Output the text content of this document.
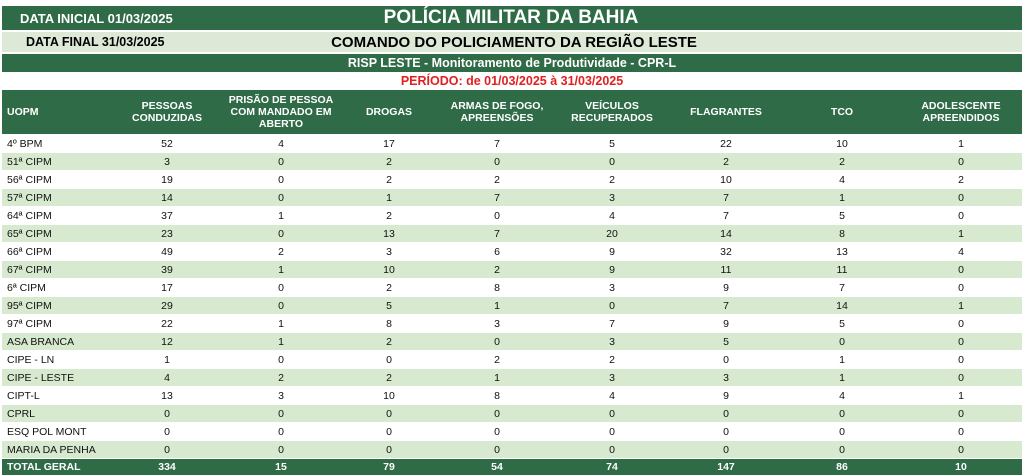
DATA INICIAL 01/03/2025	POLÍCIA MILITAR DA BAHIA
DATA FINAL 31/03/2025	COMANDO DO POLICIAMENTO DA REGIÃO LESTE
RISP LESTE - Monitoramento de Produtividade - CPR-L
PERÍODO: de 01/03/2025 à 31/03/2025
UOPM	PESSOAS CONDUZIDAS	PRISÃO DE PESSOA COM MANDADO EM ABERTO	DROGAS	ARMAS DE FOGO, APREENSÕES	VEÍCULOS RECUPERADOS	FLAGRANTES	TCO	ADOLESCENTE APREENDIDOS
4º BPM	52	4	17	7	5	22	10	1
51ª CIPM	3	0	2	0	0	2	2	0
56ª CIPM	19	0	2	2	2	10	4	2
57ª CIPM	14	0	1	7	3	7	1	0
64ª CIPM	37	1	2	0	4	7	5	0
65ª CIPM	23	0	13	7	20	14	8	1
66ª CIPM	49	2	3	6	9	32	13	4
67ª CIPM	39	1	10	2	9	11	11	0
6ª CIPM	17	0	2	8	3	9	7	0
95ª CIPM	29	0	5	1	0	7	14	1
97ª CIPM	22	1	8	3	7	9	5	0
ASA BRANCA	12	1	2	0	3	5	0	0
CIPE - LN	1	0	0	2	2	0	1	0
CIPE - LESTE	4	2	2	1	3	3	1	0
CIPT-L	13	3	10	8	4	9	4	1
CPRL	0	0	0	0	0	0	0	0
ESQ POL MONT	0	0	0	0	0	0	0	0
MARIA DA PENHA	0	0	0	0	0	0	0	0
TOTAL GERAL	334	15	79	54	74	147	86	10
